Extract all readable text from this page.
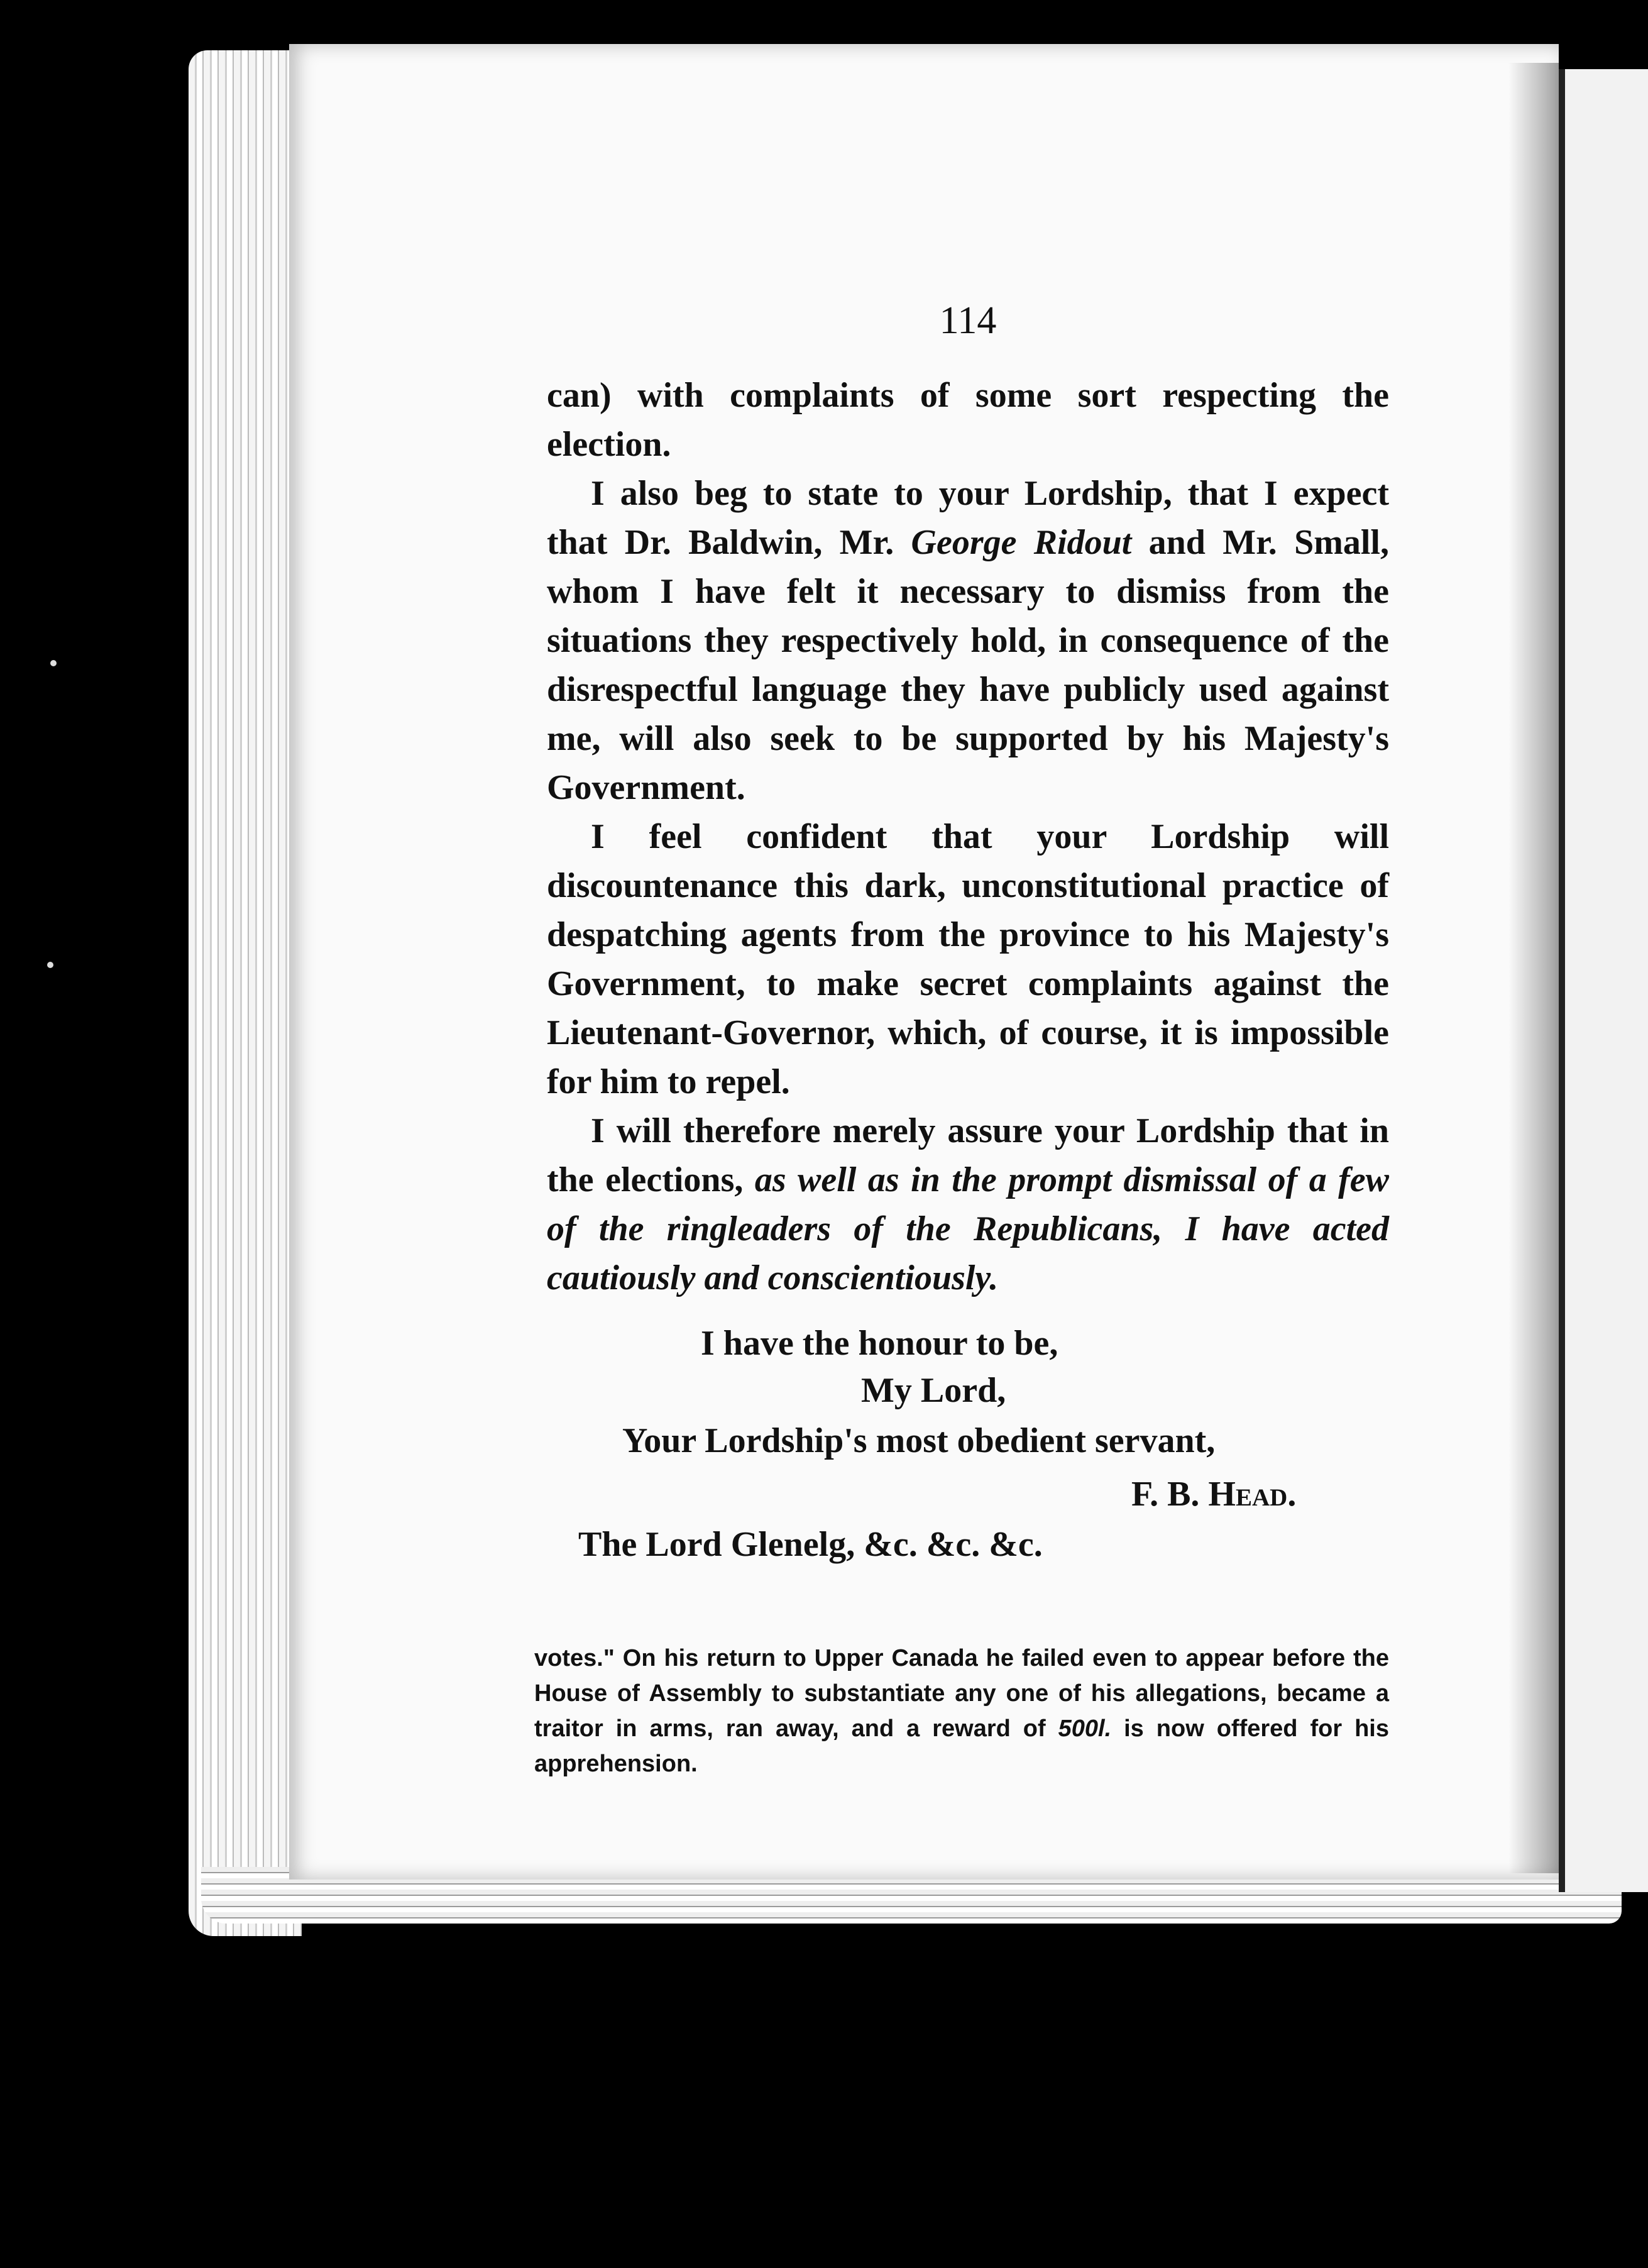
114

can) with complaints of some sort respecting the election.

I also beg to state to your Lordship, that I expect that Dr. Baldwin, Mr. George Ridout and Mr. Small, whom I have felt it necessary to dismiss from the situations they respectively hold, in consequence of the disrespectful language they have publicly used against me, will also seek to be supported by his Majesty's Government.

I feel confident that your Lordship will discountenance this dark, unconstitutional practice of despatching agents from the province to his Majesty's Government, to make secret complaints against the Lieutenant-Governor, which, of course, it is impossible for him to repel.

I will therefore merely assure your Lordship that in the elections, as well as in the prompt dismissal of a few of the ringleaders of the Republicans, I have acted cautiously and conscientiously.

I have the honour to be,
My Lord,
Your Lordship's most obedient servant,
F. B. Head.
The Lord Glenelg, &c. &c. &c.
votes." On his return to Upper Canada he failed even to appear before the House of Assembly to substantiate any one of his allegations, became a traitor in arms, ran away, and a reward of 500l. is now offered for his apprehension.
